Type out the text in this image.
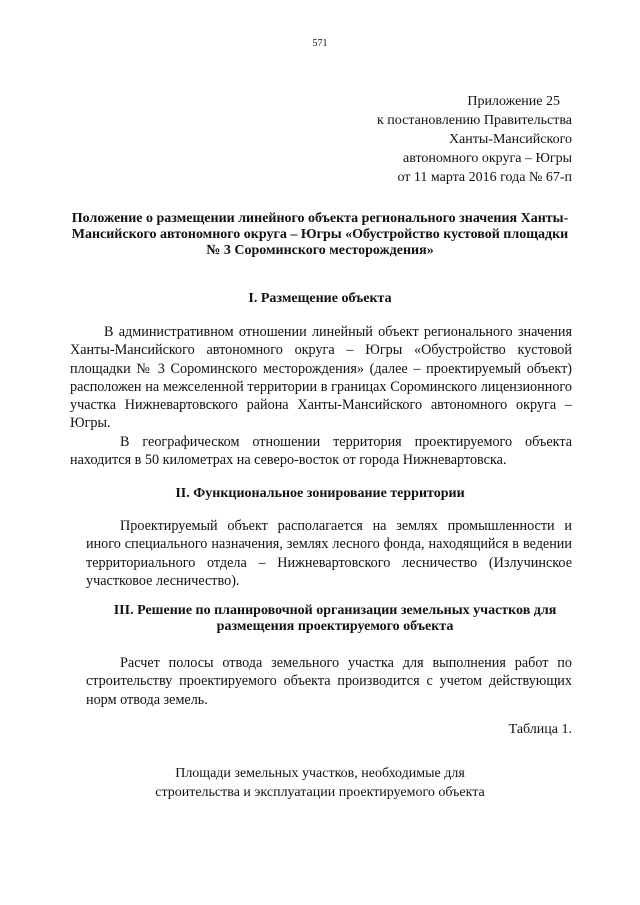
571
Приложение 25
к постановлению Правительства
Ханты-Мансийского
автономного округа – Югры
от 11 марта 2016 года № 67-п
Положение о размещении линейного объекта регионального значения Ханты-Мансийского автономного округа – Югры «Обустройство кустовой площадки № 3 Сороминского месторождения»
I. Размещение объекта
В административном отношении линейный объект регионального значения Ханты-Мансийского автономного округа – Югры «Обустройство кустовой площадки № 3 Сороминского месторождения» (далее – проектируемый объект) расположен на межселенной территории в границах Сороминского лицензионного участка Нижневартовского района Ханты-Мансийского автономного округа – Югры.
В географическом отношении территория проектируемого объекта находится в 50 километрах на северо-восток от города Нижневартовска.
II. Функциональное зонирование территории
Проектируемый объект располагается на землях промышленности и иного специального назначения, землях лесного фонда, находящийся в ведении территориального отдела – Нижневартовского лесничество (Излучинское участковое лесничество).
III. Решение по планировочной организации земельных участков для размещения проектируемого объекта
Расчет полосы отвода земельного участка для выполнения работ по строительству проектируемого объекта производится с учетом действующих норм отвода земель.
Таблица 1.
Площади земельных участков, необходимые для
строительства и эксплуатации проектируемого объекта
